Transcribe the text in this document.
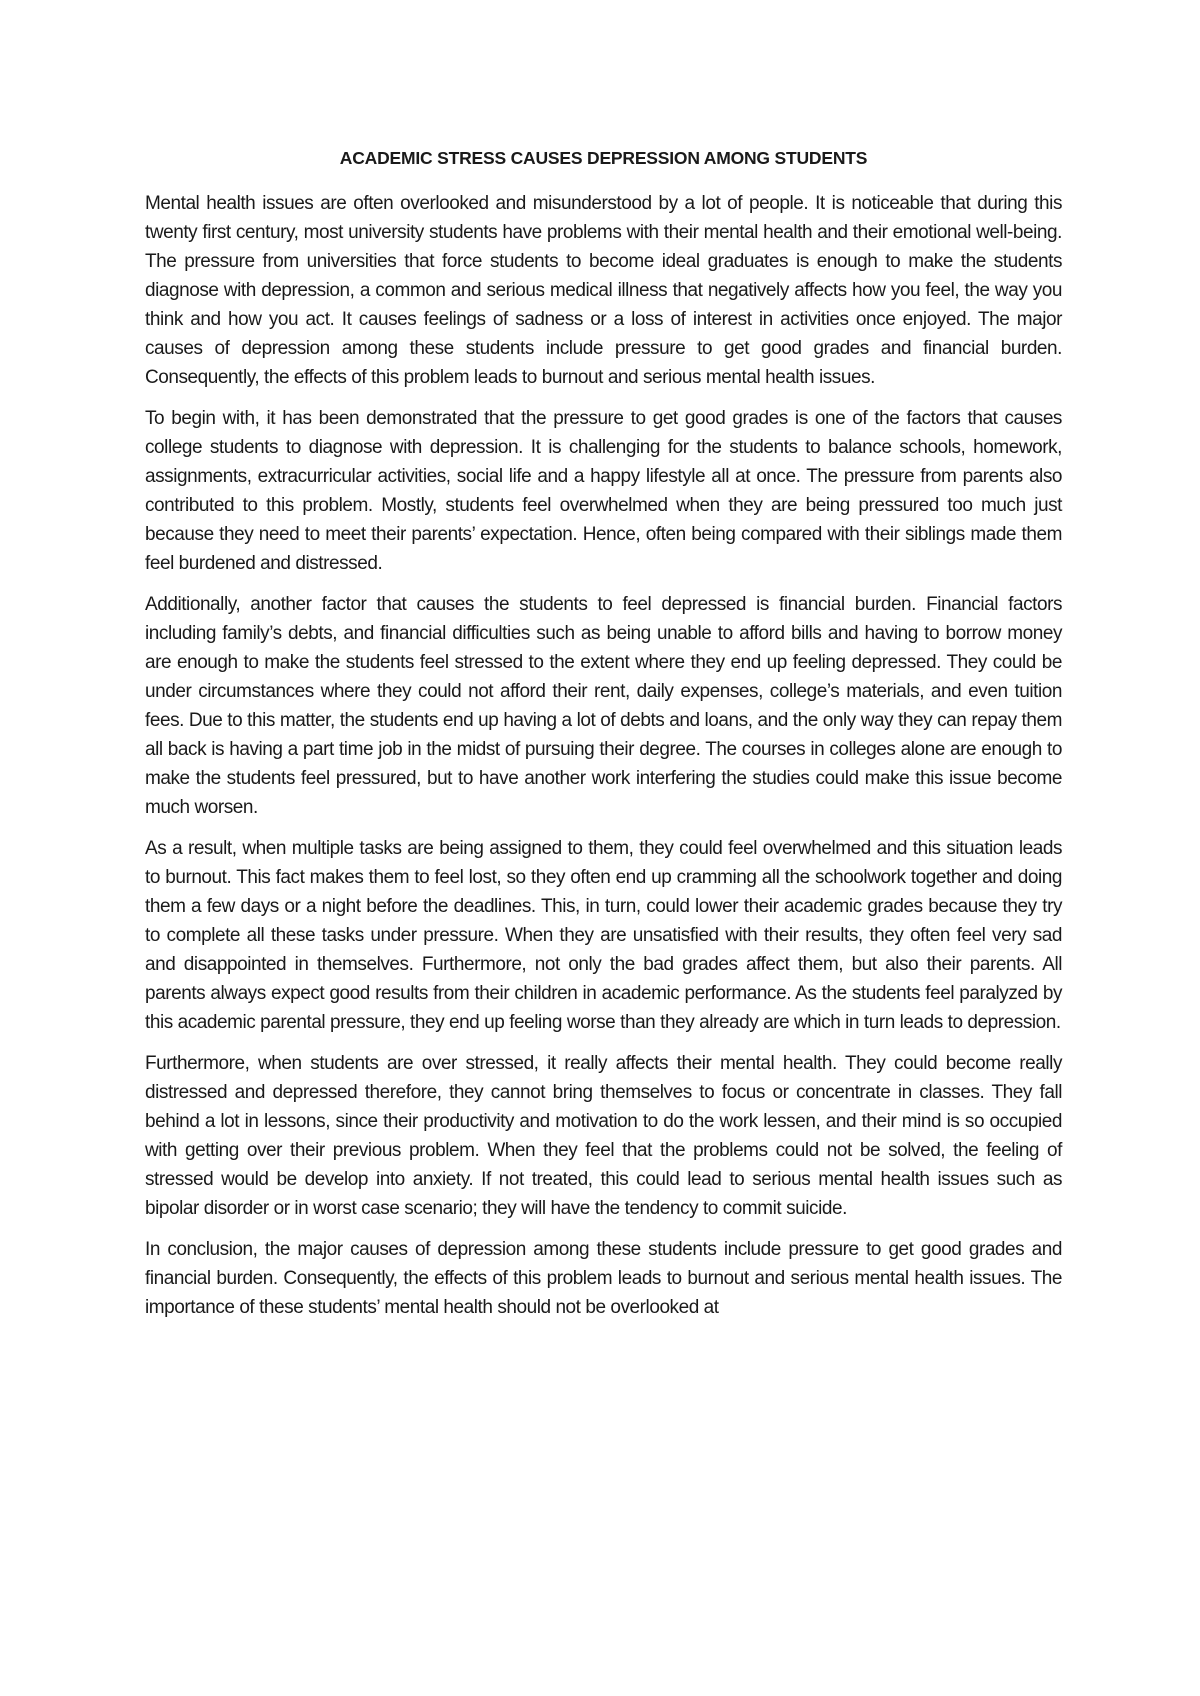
ACADEMIC STRESS CAUSES DEPRESSION AMONG STUDENTS

Mental health issues are often overlooked and misunderstood by a lot of people. It is noticeable that during this twenty first century, most university students have problems with their mental health and their emotional well-being. The pressure from universities that force students to become ideal graduates is enough to make the students diagnose with depression, a common and serious medical illness that negatively affects how you feel, the way you think and how you act. It causes feelings of sadness or a loss of interest in activities once enjoyed. The major causes of depression among these students include pressure to get good grades and financial burden. Consequently, the effects of this problem leads to burnout and serious mental health issues.

To begin with, it has been demonstrated that the pressure to get good grades is one of the factors that causes college students to diagnose with depression. It is challenging for the students to balance schools, homework, assignments, extracurricular activities, social life and a happy lifestyle all at once. The pressure from parents also contributed to this problem. Mostly, students feel overwhelmed when they are being pressured too much just because they need to meet their parents’ expectation. Hence, often being compared with their siblings made them feel burdened and distressed.

Additionally, another factor that causes the students to feel depressed is financial burden. Financial factors including family’s debts, and financial difficulties such as being unable to afford bills and having to borrow money are enough to make the students feel stressed to the extent where they end up feeling depressed. They could be under circumstances where they could not afford their rent, daily expenses, college’s materials, and even tuition fees. Due to this matter, the students end up having a lot of debts and loans, and the only way they can repay them all back is having a part time job in the midst of pursuing their degree. The courses in colleges alone are enough to make the students feel pressured, but to have another work interfering the studies could make this issue become much worsen.

As a result, when multiple tasks are being assigned to them, they could feel overwhelmed and this situation leads to burnout. This fact makes them to feel lost, so they often end up cramming all the schoolwork together and doing them a few days or a night before the deadlines. This, in turn, could lower their academic grades because they try to complete all these tasks under pressure. When they are unsatisfied with their results, they often feel very sad and disappointed in themselves. Furthermore, not only the bad grades affect them, but also their parents. All parents always expect good results from their children in academic performance. As the students feel paralyzed by this academic parental pressure, they end up feeling worse than they already are which in turn leads to depression.

Furthermore, when students are over stressed, it really affects their mental health. They could become really distressed and depressed therefore, they cannot bring themselves to focus or concentrate in classes. They fall behind a lot in lessons, since their productivity and motivation to do the work lessen, and their mind is so occupied with getting over their previous problem. When they feel that the problems could not be solved, the feeling of stressed would be develop into anxiety. If not treated, this could lead to serious mental health issues such as bipolar disorder or in worst case scenario; they will have the tendency to commit suicide.

In conclusion, the major causes of depression among these students include pressure to get good grades and financial burden. Consequently, the effects of this problem leads to burnout and serious mental health issues. The importance of these students’ mental health should not be overlooked at
